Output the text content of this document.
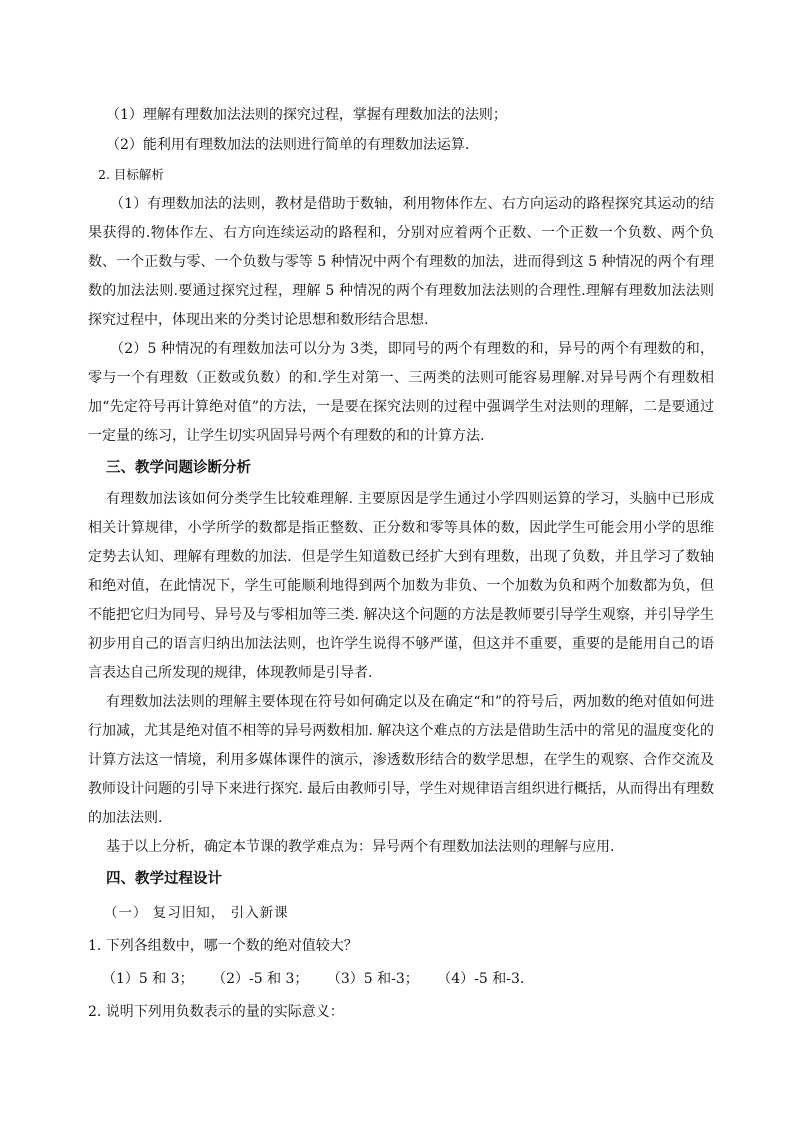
（1）理解有理数加法法则的探究过程，掌握有理数加法的法则；

（2）能利用有理数加法的法则进行简单的有理数加法运算.

2. 目标解析

（1）有理数加法的法则，教材是借助于数轴，利用物体作左、右方向运动的路程探究其运动的结果获得的.物体作左、右方向连续运动的路程和，分别对应着两个正数、一个正数一个负数、两个负数、一个正数与零、一个负数与零等 5 种情况中两个有理数的加法，进而得到这 5 种情况的两个有理数的加法法则.要通过探究过程，理解 5 种情况的两个有理数加法法则的合理性.理解有理数加法法则探究过程中，体现出来的分类讨论思想和数形结合思想.

（2）5 种情况的有理数加法可以分为 3类，即同号的两个有理数的和，异号的两个有理数的和，零与一个有理数（正数或负数）的和.学生对第一、三两类的法则可能容易理解.对异号两个有理数相加“先定符号再计算绝对值”的方法，一是要在探究法则的过程中强调学生对法则的理解，二是要通过一定量的练习，让学生切实巩固异号两个有理数的和的计算方法.

三、教学问题诊断分析

有理数加法该如何分类学生比较难理解. 主要原因是学生通过小学四则运算的学习，头脑中已形成相关计算规律，小学所学的数都是指正整数、正分数和零等具体的数，因此学生可能会用小学的思维定势去认知、理解有理数的加法．但是学生知道数已经扩大到有理数，出现了负数，并且学习了数轴和绝对值，在此情况下，学生可能顺利地得到两个加数为非负、一个加数为负和两个加数都为负，但不能把它归为同号、异号及与零相加等三类. 解决这个问题的方法是教师要引导学生观察，并引导学生初步用自己的语言归纳出加法法则，也许学生说得不够严谨，但这并不重要，重要的是能用自己的语言表达自己所发现的规律，体现教师是引导者.

有理数加法法则的理解主要体现在符号如何确定以及在确定“和”的符号后，两加数的绝对值如何进行加减，尤其是绝对值不相等的异号两数相加. 解决这个难点的方法是借助生活中的常见的温度变化的计算方法这一情境，利用多媒体课件的演示，渗透数形结合的数学思想，在学生的观察、合作交流及教师设计问题的引导下来进行探究. 最后由教师引导，学生对规律语言组织进行概括，从而得出有理数的加法法则.

基于以上分析，确定本节课的教学难点为：异号两个有理数加法法则的理解与应用.

四、教学过程设计

（一） 复习旧知， 引入新课

1. 下列各组数中，哪一个数的绝对值较大？

（1）5 和 3； （2）-5 和 3； （3）5 和-3； （4）-5 和-3.

2. 说明下列用负数表示的量的实际意义：
